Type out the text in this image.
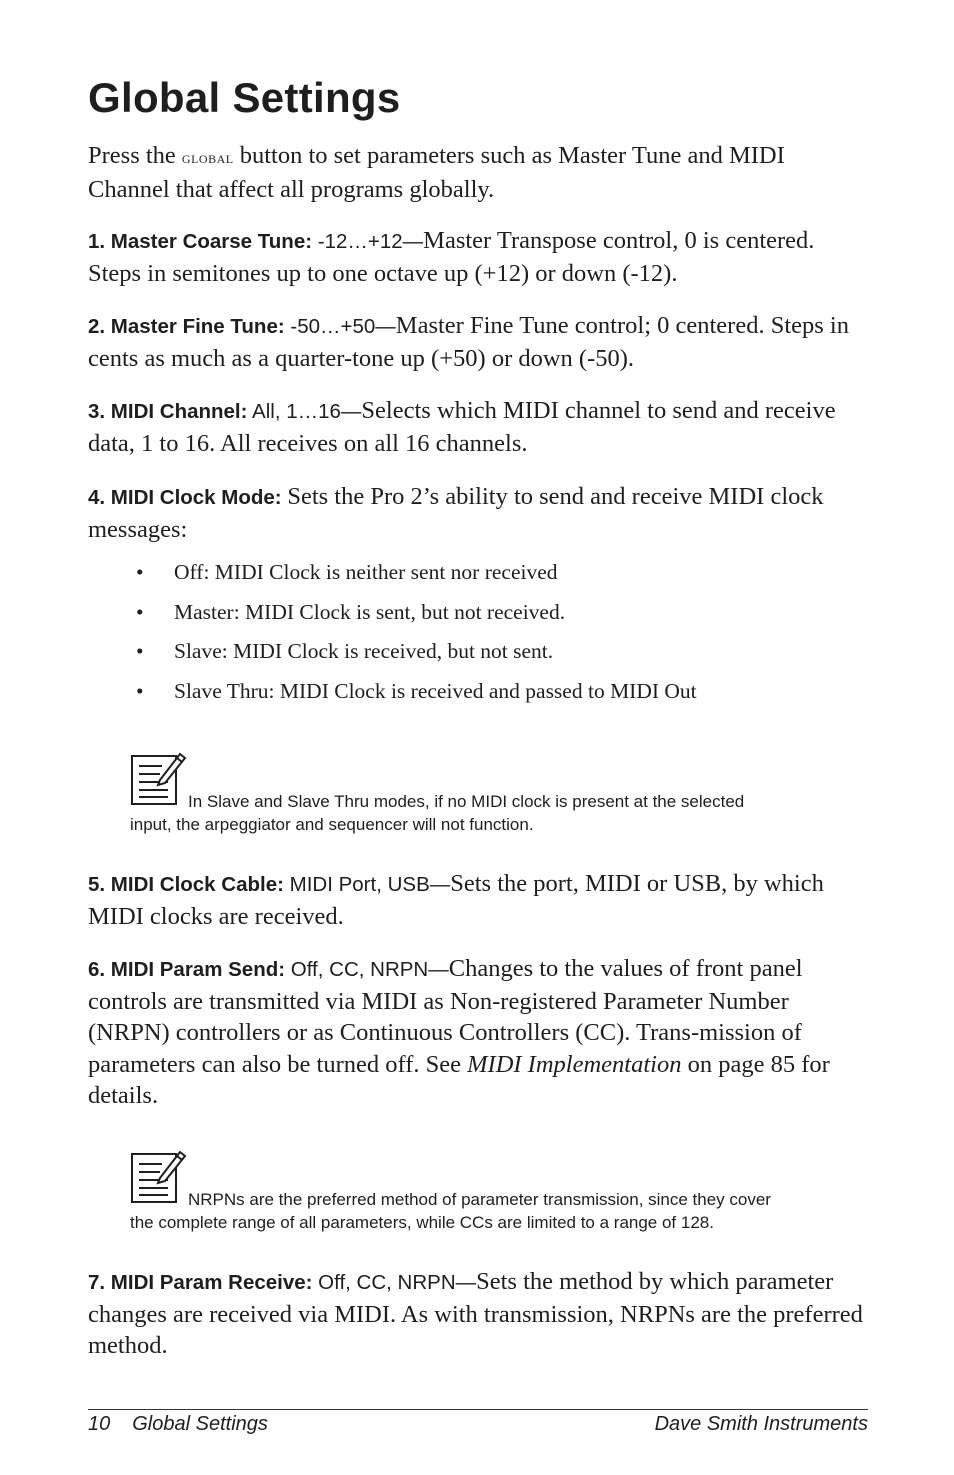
Global Settings

Press the global button to set parameters such as Master Tune and MIDI Channel that affect all programs globally.

1. Master Coarse Tune: -12…+12—Master Transpose control, 0 is centered. Steps in semitones up to one octave up (+12) or down (-12).

2. Master Fine Tune: -50…+50—Master Fine Tune control; 0 centered. Steps in cents as much as a quarter-tone up (+50) or down (-50).

3. MIDI Channel: All, 1…16—Selects which MIDI channel to send and receive data, 1 to 16. All receives on all 16 channels.

4. MIDI Clock Mode: Sets the Pro 2’s ability to send and receive MIDI clock messages:

• Off: MIDI Clock is neither sent nor received
• Master: MIDI Clock is sent, but not received.
• Slave: MIDI Clock is received, but not sent.
• Slave Thru: MIDI Clock is received and passed to MIDI Out
In Slave and Slave Thru modes, if no MIDI clock is present at the selected
input, the arpeggiator and sequencer will not function.

5. MIDI Clock Cable: MIDI Port, USB—Sets the port, MIDI or USB, by which MIDI clocks are received.

6. MIDI Param Send: Off, CC, NRPN—Changes to the values of front panel controls are transmitted via MIDI as Non-registered Parameter Number (NRPN) controllers or as Continuous Controllers (CC). Trans-mission of parameters can also be turned off. See MIDI Implementation on page 85 for details.

NRPNs are the preferred method of parameter transmission, since they cover
the complete range of all parameters, while CCs are limited to a range of 128.

7. MIDI Param Receive: Off, CC, NRPN—Sets the method by which parameter changes are received via MIDI. As with transmission, NRPNs are the preferred method.

10 Global Settings	Dave Smith Instruments
